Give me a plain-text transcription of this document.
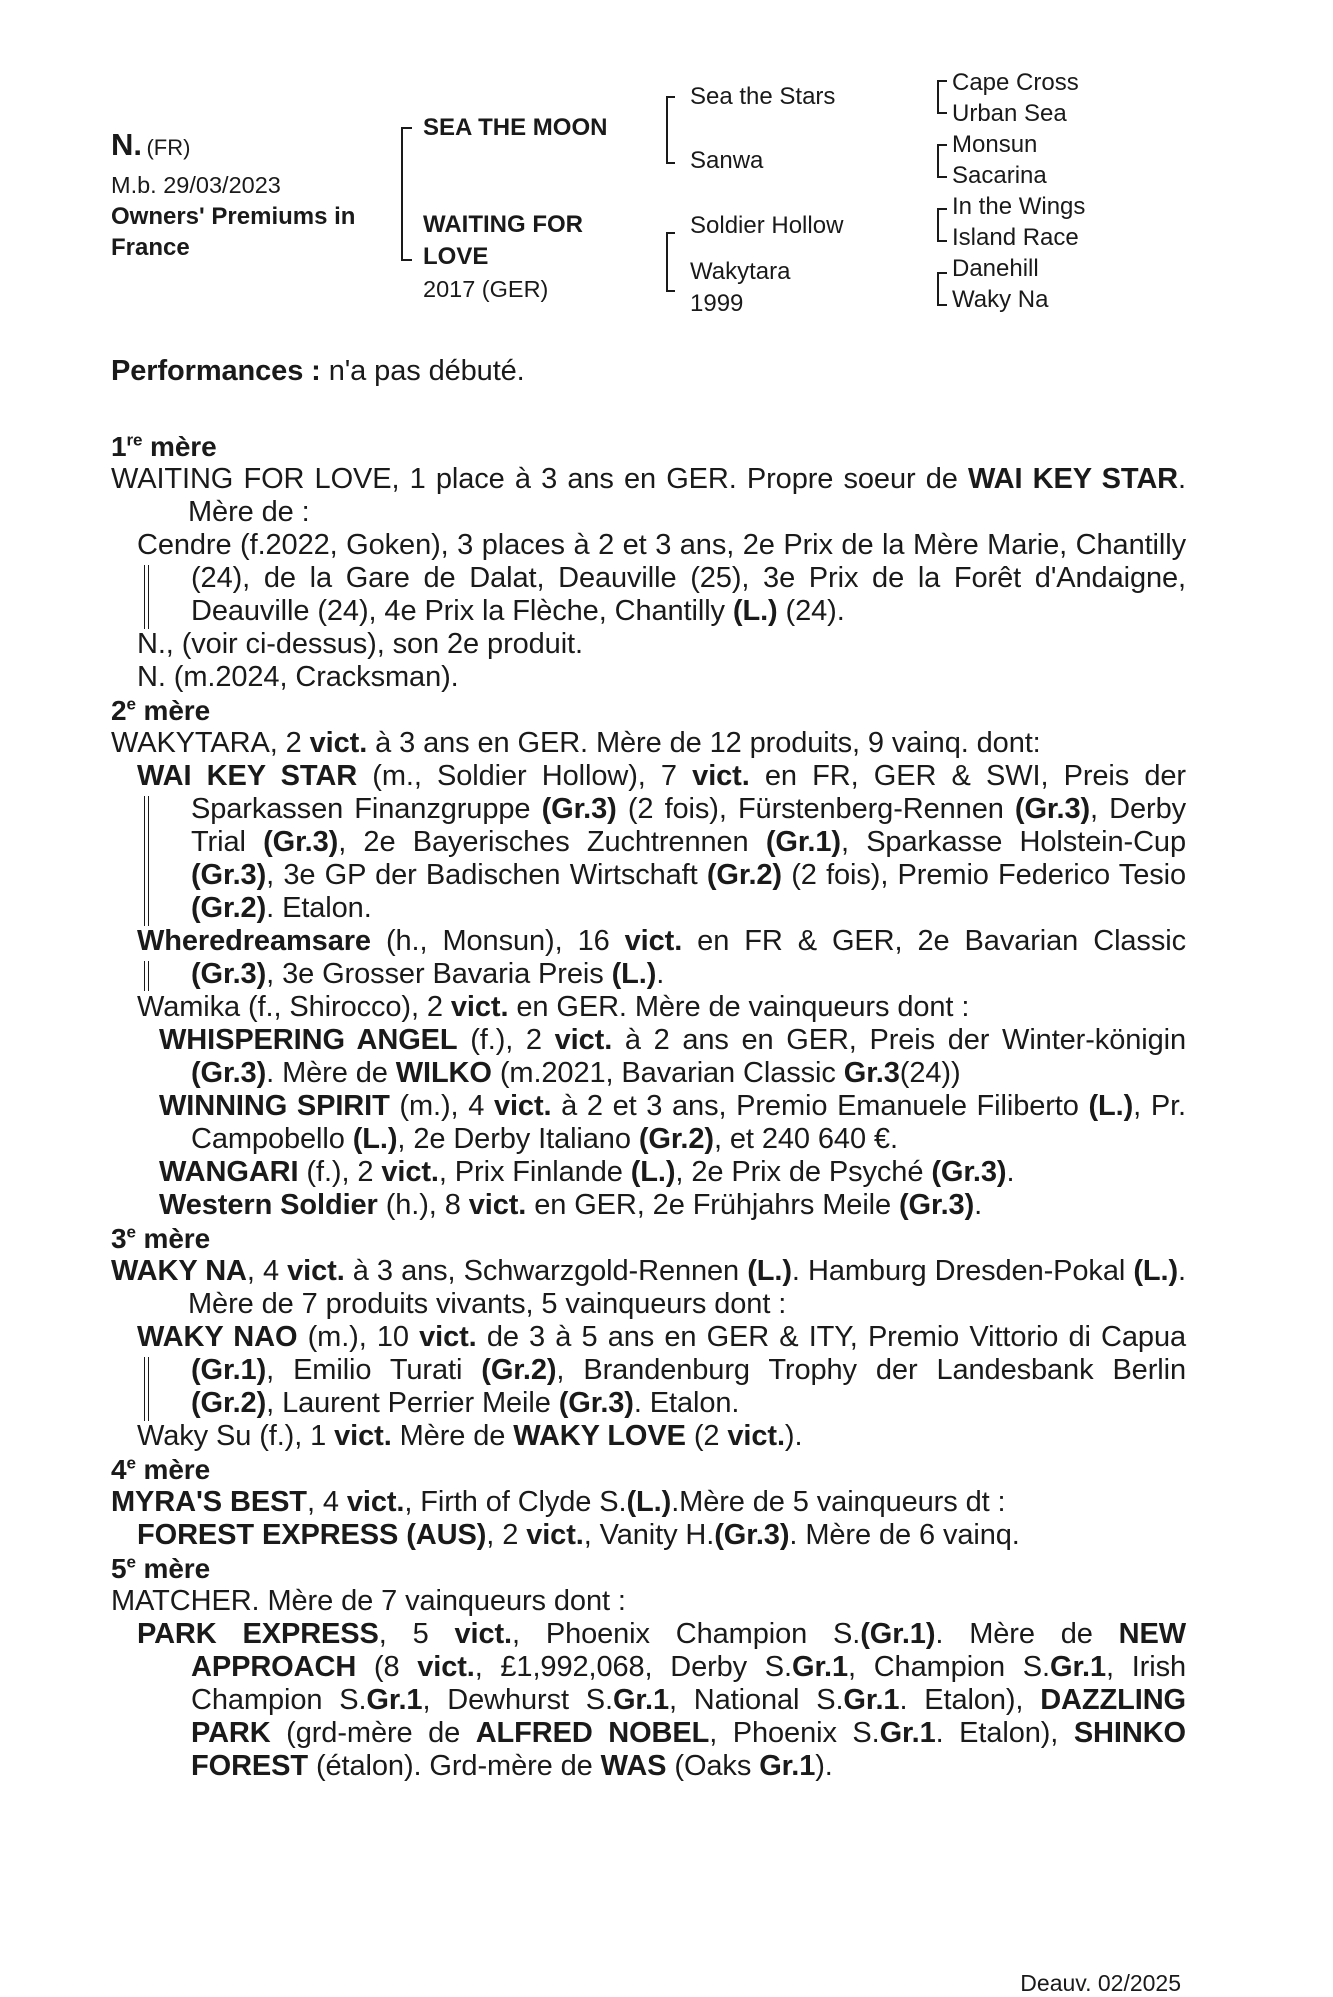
N. (FR)
M.b. 29/03/2023
Owners' Premiums in
France
SEA THE MOON
WAITING FOR
LOVE
2017 (GER)
Sea the Stars
Sanwa
Soldier Hollow
Wakytara
1999
Cape Cross
Urban Sea
Monsun
Sacarina
In the Wings
Island Race
Danehill
Waky Na

Performances : n'a pas débuté.

1re mère

WAITING FOR LOVE, 1 place à 3 ans en GER. Propre soeur de WAI KEY STAR. Mère de :

Cendre (f.2022, Goken), 3 places à 2 et 3 ans, 2e Prix de la Mère Marie, Chantilly (24), de la Gare de Dalat, Deauville (25), 3e Prix de la Forêt d'Andaigne, Deauville (24), 4e Prix la Flèche, Chantilly (L.) (24).

N., (voir ci-dessus), son 2e produit.

N. (m.2024, Cracksman).

2e mère

WAKYTARA, 2 vict. à 3 ans en GER. Mère de 12 produits, 9 vainq. dont:

WAI KEY STAR (m., Soldier Hollow), 7 vict. en FR, GER & SWI, Preis der Sparkassen Finanzgruppe (Gr.3) (2 fois), Fürstenberg-Rennen (Gr.3), Derby Trial (Gr.3), 2e Bayerisches Zuchtrennen (Gr.1), Sparkasse Holstein-Cup (Gr.3), 3e GP der Badischen Wirtschaft (Gr.2) (2 fois), Premio Federico Tesio (Gr.2). Etalon.

Wheredreamsare (h., Monsun), 16 vict. en FR & GER, 2e Bavarian Classic (Gr.3), 3e Grosser Bavaria Preis (L.).

Wamika (f., Shirocco), 2 vict. en GER. Mère de vainqueurs dont :

WHISPERING ANGEL (f.), 2 vict. à 2 ans en GER, Preis der Winter-königin (Gr.3). Mère de WILKO (m.2021, Bavarian Classic Gr.3(24))

WINNING SPIRIT (m.), 4 vict. à 2 et 3 ans, Premio Emanuele Filiberto (L.), Pr. Campobello (L.), 2e Derby Italiano (Gr.2), et 240 640 €.

WANGARI (f.), 2 vict., Prix Finlande (L.), 2e Prix de Psyché (Gr.3).

Western Soldier (h.), 8 vict. en GER, 2e Frühjahrs Meile (Gr.3).

3e mère

WAKY NA, 4 vict. à 3 ans, Schwarzgold-Rennen (L.). Hamburg Dresden-Pokal (L.). Mère de 7 produits vivants, 5 vainqueurs dont :

WAKY NAO (m.), 10 vict. de 3 à 5 ans en GER & ITY, Premio Vittorio di Capua (Gr.1), Emilio Turati (Gr.2), Brandenburg Trophy der Landesbank Berlin (Gr.2), Laurent Perrier Meile (Gr.3). Etalon.

Waky Su (f.), 1 vict. Mère de WAKY LOVE (2 vict.).

4e mère

MYRA'S BEST, 4 vict., Firth of Clyde S.(L.).Mère de 5 vainqueurs dt :

FOREST EXPRESS (AUS), 2 vict., Vanity H.(Gr.3). Mère de 6 vainq.

5e mère

MATCHER. Mère de 7 vainqueurs dont :

PARK EXPRESS, 5 vict., Phoenix Champion S.(Gr.1). Mère de NEW APPROACH (8 vict., £1,992,068, Derby S.Gr.1, Champion S.Gr.1, Irish Champion S.Gr.1, Dewhurst S.Gr.1, National S.Gr.1. Etalon), DAZZLING PARK (grd-mère de ALFRED NOBEL, Phoenix S.Gr.1. Etalon), SHINKO FOREST (étalon). Grd-mère de WAS (Oaks Gr.1).

Deauv. 02/2025
